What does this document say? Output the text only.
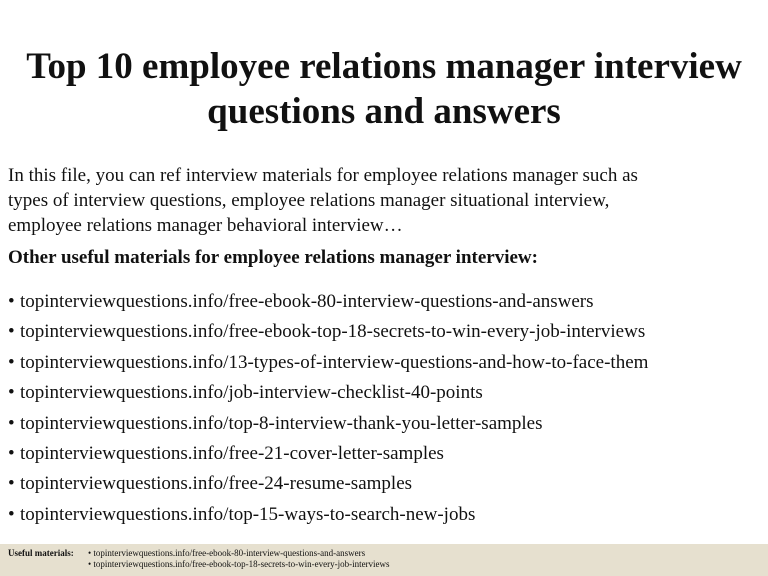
Top 10 employee relations manager interview
questions and answers
In this file, you can ref interview materials for employee relations manager such as
types of interview questions, employee relations manager situational interview,
employee relations manager behavioral interview…
Other useful materials for employee relations manager interview:
• topinterviewquestions.info/free-ebook-80-interview-questions-and-answers
• topinterviewquestions.info/free-ebook-top-18-secrets-to-win-every-job-interviews
• topinterviewquestions.info/13-types-of-interview-questions-and-how-to-face-them
• topinterviewquestions.info/job-interview-checklist-40-points
• topinterviewquestions.info/top-8-interview-thank-you-letter-samples
• topinterviewquestions.info/free-21-cover-letter-samples
• topinterviewquestions.info/free-24-resume-samples
• topinterviewquestions.info/top-15-ways-to-search-new-jobs
Useful materials: • topinterviewquestions.info/free-ebook-80-interview-questions-and-answers
• topinterviewquestions.info/free-ebook-top-18-secrets-to-win-every-job-interviews
